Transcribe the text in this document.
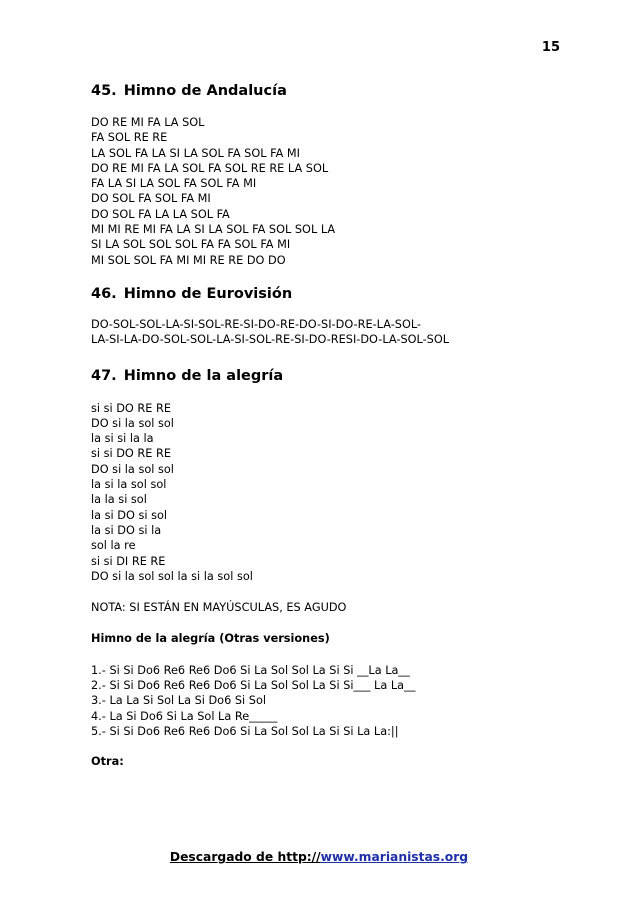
15
45. Himno de Andalucía
DO RE MI FA LA SOL
FA SOL RE RE
LA SOL FA LA SI LA SOL FA SOL FA MI
DO RE MI FA LA SOL FA SOL RE RE LA SOL
FA LA SI LA SOL FA SOL FA MI
DO SOL FA SOL FA MI
DO SOL FA LA LA SOL FA
MI MI RE MI FA LA SI LA SOL FA SOL SOL LA
SI LA SOL SOL SOL FA FA SOL FA MI
MI SOL SOL FA MI MI RE RE DO DO
46. Himno de Eurovisión
DO-SOL-SOL-LA-SI-SOL-RE-SI-DO-RE-DO-SI-DO-RE-LA-SOL-
LA-SI-LA-DO-SOL-SOL-LA-SI-SOL-RE-SI-DO-RESI-DO-LA-SOL-SOL
47. Himno de la alegría
si si DO RE RE
DO si la sol sol
la si si la la
si si DO RE RE
DO si la sol sol
la si la sol sol
la la si sol
la si DO si sol
la si DO si la
sol la re
si si DI RE RE
DO si la sol sol la si la sol sol
NOTA: SI ESTÁN EN MAYÚSCULAS, ES AGUDO
Himno de la alegría (Otras versiones)
1.- Si Si Do6 Re6 Re6 Do6 Si La Sol Sol La Si Si __La La__
2.- Si Si Do6 Re6 Re6 Do6 Si La Sol Sol La Si Si___ La La__
3.- La La Si Sol La Si Do6 Si Sol
4.- La Si Do6 Si La Sol La Re_____
5.- Si Si Do6 Re6 Re6 Do6 Si La Sol Sol La Si Si La La:||
Otra:
Descargado de http://www.marianistas.org
